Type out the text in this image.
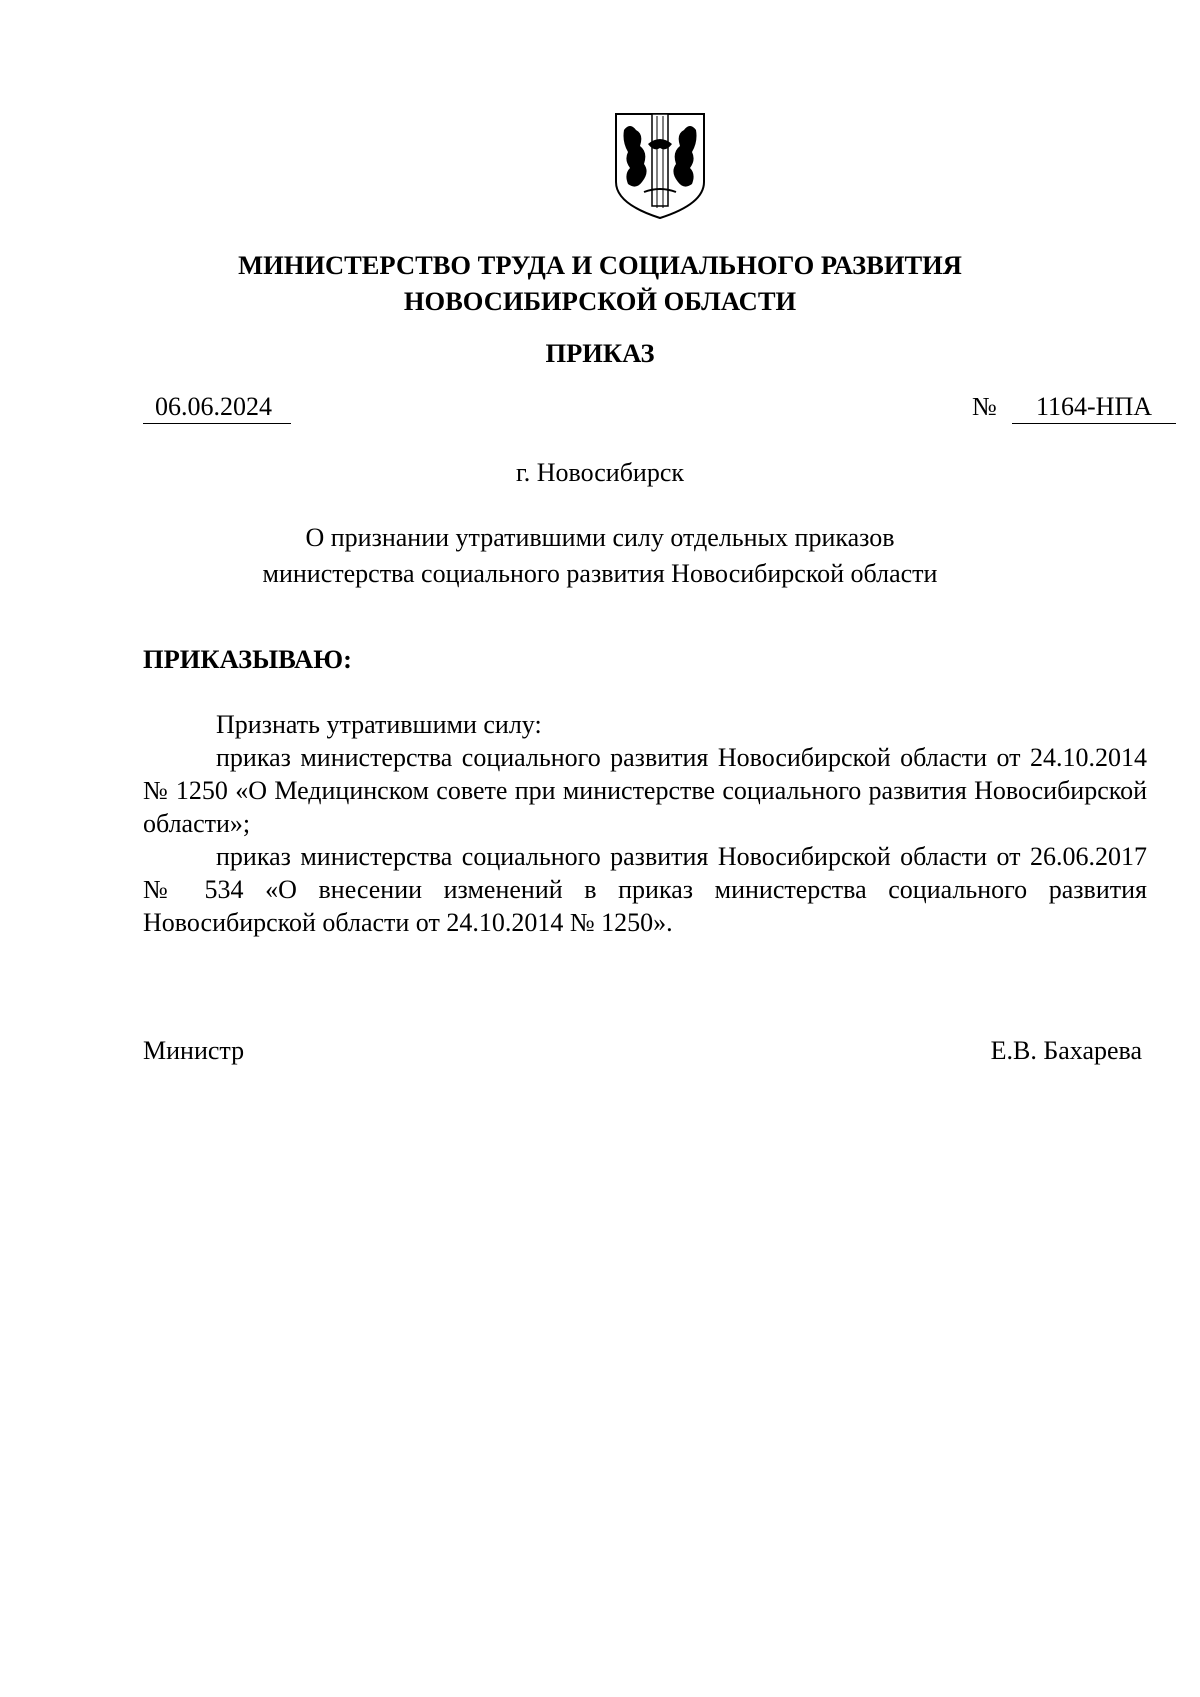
МИНИСТЕРСТВО ТРУДА И СОЦИАЛЬНОГО РАЗВИТИЯ
НОВОСИБИРСКОЙ ОБЛАСТИ
ПРИКАЗ
06.06.2024	№	1164-НПА
г. Новосибирск
О признании утратившими силу отдельных приказов
министерства социального развития Новосибирской области
ПРИКАЗЫВАЮ:

Признать утратившими силу:

приказ министерства социального развития Новосибирской области от 24.10.2014 № 1250 «О Медицинском совете при министерстве социального развития Новосибирской области»;

приказ министерства социального развития Новосибирской области от 26.06.2017 № 534 «О внесении изменений в приказ министерства социального развития Новосибирской области от 24.10.2014 № 1250».

Министр	Е.В. Бахарева
